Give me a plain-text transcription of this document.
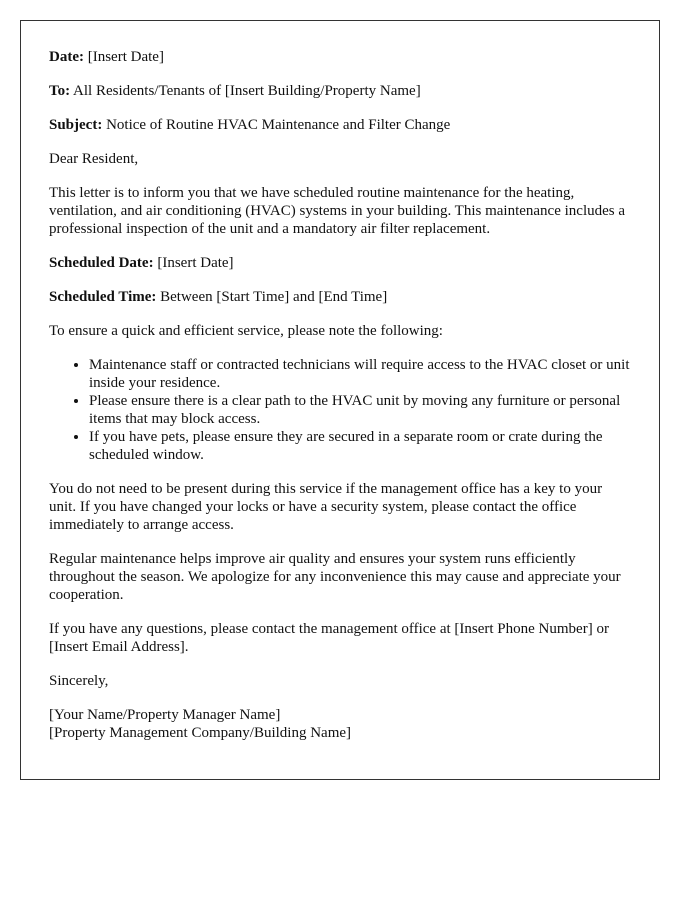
Date: [Insert Date]

To: All Residents/Tenants of [Insert Building/Property Name]

Subject: Notice of Routine HVAC Maintenance and Filter Change

Dear Resident,

This letter is to inform you that we have scheduled routine maintenance for the heating, ventilation, and air conditioning (HVAC) systems in your building. This maintenance includes a professional inspection of the unit and a mandatory air filter replacement.

Scheduled Date: [Insert Date]

Scheduled Time: Between [Start Time] and [End Time]

To ensure a quick and efficient service, please note the following:

• Maintenance staff or contracted technicians will require access to the HVAC closet or unit inside your residence.
• Please ensure there is a clear path to the HVAC unit by moving any furniture or personal items that may block access.
• If you have pets, please ensure they are secured in a separate room or crate during the scheduled window.

You do not need to be present during this service if the management office has a key to your unit. If you have changed your locks or have a security system, please contact the office immediately to arrange access.

Regular maintenance helps improve air quality and ensures your system runs efficiently throughout the season. We apologize for any inconvenience this may cause and appreciate your cooperation.

If you have any questions, please contact the management office at [Insert Phone Number] or [Insert Email Address].

Sincerely,

[Your Name/Property Manager Name]
[Property Management Company/Building Name]
